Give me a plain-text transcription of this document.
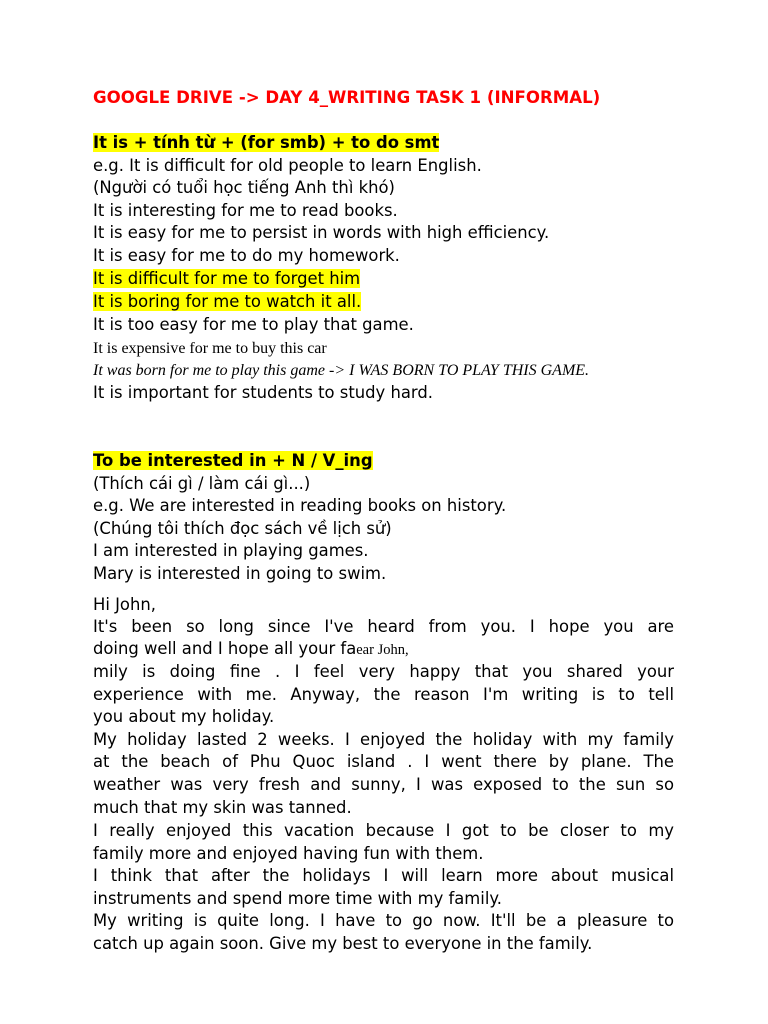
GOOGLE DRIVE -> DAY 4_WRITING TASK 1 (INFORMAL)

It is + tính từ + (for smb) + to do smt

e.g. It is difficult for old people to learn English.

(Người có tuổi học tiếng Anh thì khó)

It is interesting for me to read books.

It is easy for me to persist in words with high efficiency.

It is easy for me to do my homework.

It is difficult for me to forget him

It is boring for me to watch it all.

It is too easy for me to play that game.

It is expensive for me to buy this car

It was born for me to play this game -> I WAS BORN TO PLAY THIS GAME.

It is important for students to study hard.

To be interested in + N / V_ing

(Thích cái gì / làm cái gì...)

e.g. We are interested in reading books on history.

(Chúng tôi thích đọc sách về lịch sử)

I am interested in playing games.

Mary is interested in going to swim.

Hi John,

It's been so long since I've heard from you. I hope you are

doing well and I hope all your faear John,

mily is doing fine . I feel very happy that you shared your

experience with me. Anyway, the reason I'm writing is to tell

you about my holiday.

My holiday lasted 2 weeks. I enjoyed the holiday with my family

at the beach of Phu Quoc island . I went there by plane. The

weather was very fresh and sunny, I was exposed to the sun so

much that my skin was tanned.

I really enjoyed this vacation because I got to be closer to my

family more and enjoyed having fun with them.

I think that after the holidays I will learn more about musical

instruments and spend more time with my family.

My writing is quite long. I have to go now. It'll be a pleasure to

catch up again soon. Give my best to everyone in the family.
